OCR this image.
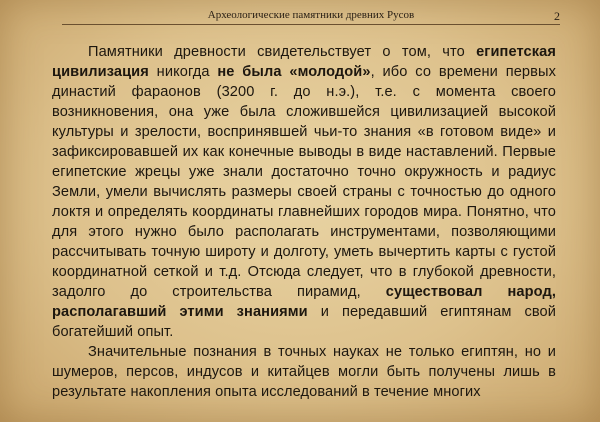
Археологические памятники древних Русов	2

Памятники древности свидетельствует о том, что египетская цивилизация никогда не была «молодой», ибо со времени первых династий фараонов (3200 г. до н.э.), т.е. с момента своего возникновения, она уже была сложившейся цивилизацией высокой культуры и зрелости, воспринявшей чьи-то знания «в готовом виде» и зафиксировавшей их как конечные выводы в виде наставлений. Первые египетские жрецы уже знали достаточно точно окружность и радиус Земли, умели вычислять размеры своей страны с точностью до одного локтя и определять координаты главнейших городов мира. Понятно, что для этого нужно было располагать инструментами, позволяющими рассчитывать точную широту и долготу, уметь вычертить карты с густой координатной сеткой и т.д. Отсюда следует, что в глубокой древности, задолго до строительства пирамид, существовал народ, располагавший этими знаниями и передавший египтянам свой богатейший опыт.

Значительные познания в точных науках не только египтян, но и шумеров, персов, индусов и китайцев могли быть получены лишь в результате накопления опыта исследований в течение многих
